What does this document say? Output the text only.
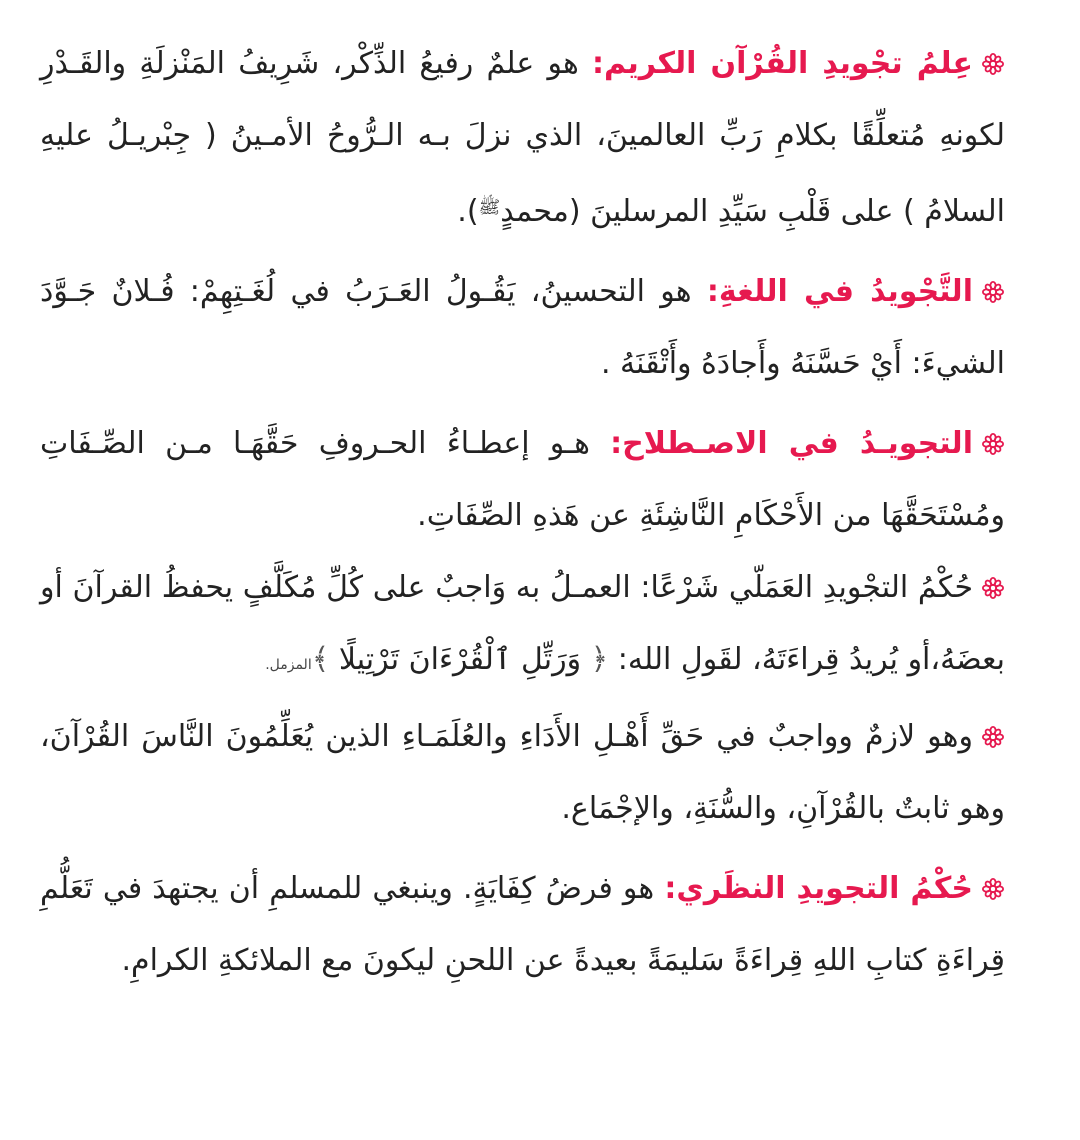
عِلمُ تجْويدِ القُرْآن الكريم: هو علمٌ رفيعُ الذِّكْر، شَرِيفُ المَنْزلَةِ والقَـدْرِ لكونهِ مُتعلِّقًا بكلامِ رَبِّ العالمينَ، الذي نزلَ بـه الـرُّوحُ الأمـينُ ( جِبْريـلُ عليهِ السلامُ ) على قَلْبِ سَيِّدِ المرسلينَ (محمدٍ$^ﷺ$).

التَّجْويدُ في اللغةِ: هو التحسينُ، يَقُـولُ العَـرَبُ في لُغَـتِهِمْ: فُـلانٌ جَـوَّدَ الشيءَ: أَيْ حَسَّنَهُ وأَجادَهُ وأَتْقَنَهُ .

التجويـدُ في الاصـطلاح: هـو إعطـاءُ الحـروفِ حَقَّهَـا مـن الصِّـفَاتِ ومُسْتَحَقَّهَا من الأَحْكَامِ النَّاشِئَةِ عن هَذهِ الصِّفَاتِ.

حُكْمُ التجْويدِ العَمَلّي شَرْعًا: العمـلُ به وَاجبٌ على كُلِّ مُكَلَّفٍ يحفظُ القرآنَ أو بعضَهُ،أو يُريدُ قِراءَتَهُ، لقَولِ الله: ﴿ وَرَتِّلِ ٱلْقُرْءَانَ تَرْتِيلًا ﴾المزمل.

وهو لازمٌ وواجبٌ في حَقِّ أَهْـلِ الأَدَاءِ والعُلَمَـاءِ الذين يُعَلِّمُونَ النَّاسَ القُرْآنَ، وهو ثابتٌ بالقُرْآنِ، والسُّنَةِ، والإجْمَاع.

حُكْمُ التجويدِ النظَري: هو فرضُ كِفَايَةٍ. وينبغي للمسلمِ أن يجتهدَ في تَعَلُّمِ قِراءَةِ كتابِ اللهِ قِراءَةً سَليمَةً بعيدةً عن اللحنِ ليكونَ مع الملائكةِ الكرامِ.
